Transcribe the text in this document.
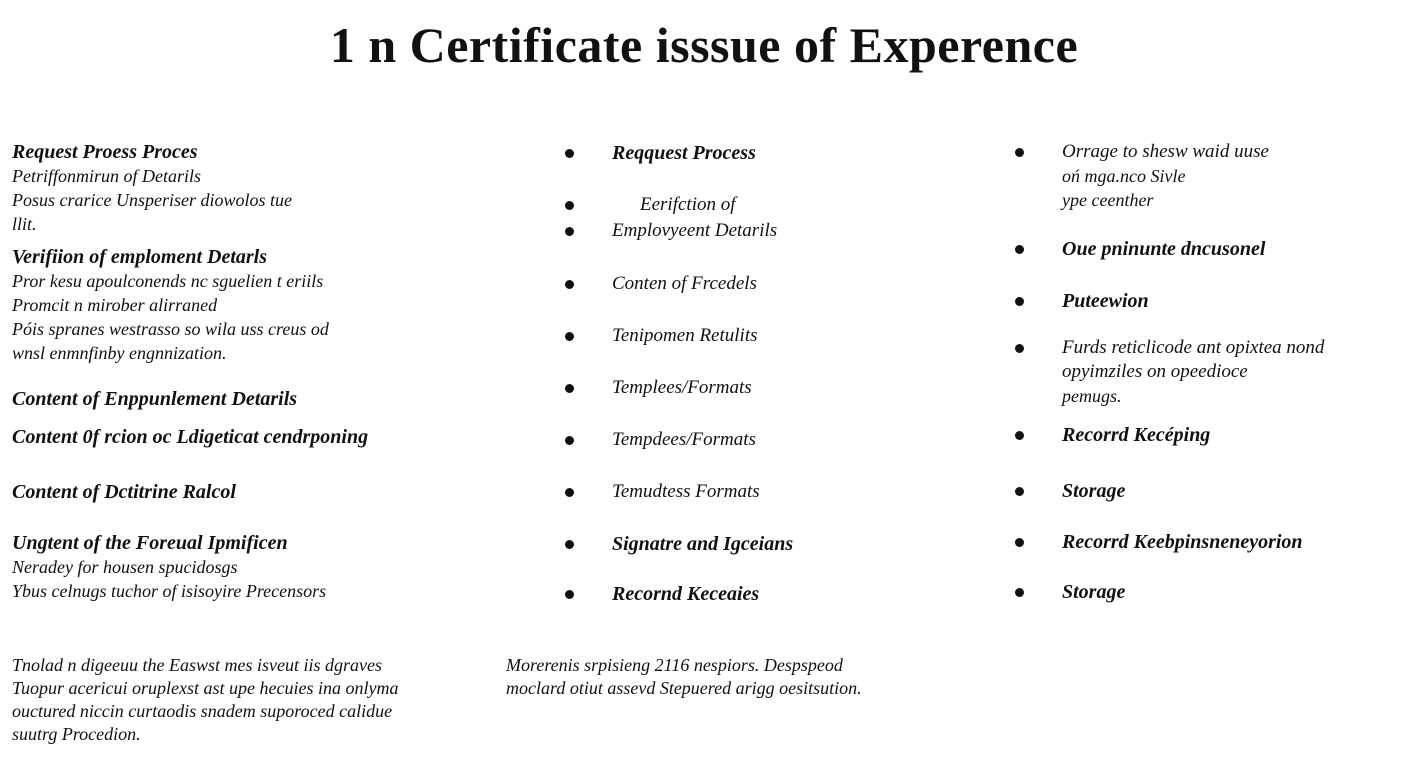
1 n Certificate isssue of Experence
Request Proess Proces
Petriffonmirun of Detarils
Posus crarice Unsperiser diowolos tue
llit.
Verifiion of emploment Detarls
Pror kesu apoulconends nc sguelien t eriils
Promcit n mirober alirraned
Póis spranes westrasso so wila uss creus od
wnsl enmnfinby engnnization.
Content of Enppunlement Detarils
Content 0f rcion oc Ldigeticat cendrponing
Content of Dctitrine Ralcol
Ungtent of the Foreual Ipmificen
Neradey for housen spucidosgs
Ybus celnugs tuchor of isisoyire Precensors
Reqquest Process
Eerifction of
Emplovyeent Detarils
Conten of Frcedels
Tenipomen Retulits
Templees/Formats
Tempdees/Formats
Temudtess Formats
Signatre and Igceians
Recornd Keceaies
Orrage to shesw waid uuse
oń mga.nco Sivle
ype ceenther
Oue pninunte dncusonel
Puteewion
Furds reticlicode ant opixtea nond
opyimziles on opeedioce
pemugs.
Recorrd Kecéping
Storage
Recorrd Keebpinsneneyorion
Storage
Tnolad n digeeuu the Easwst mes isveut iis dgraves
Tuopur acericui oruplexst ast upe hecuies ina onlyma
ouctured niccin curtaodis snadem suporoced calidue
suutrg Procedion.
Morerenis srpisieng 2116 nespiors. Despspeod
moclard otiut assevd Stepuered arigg oesitsution.
